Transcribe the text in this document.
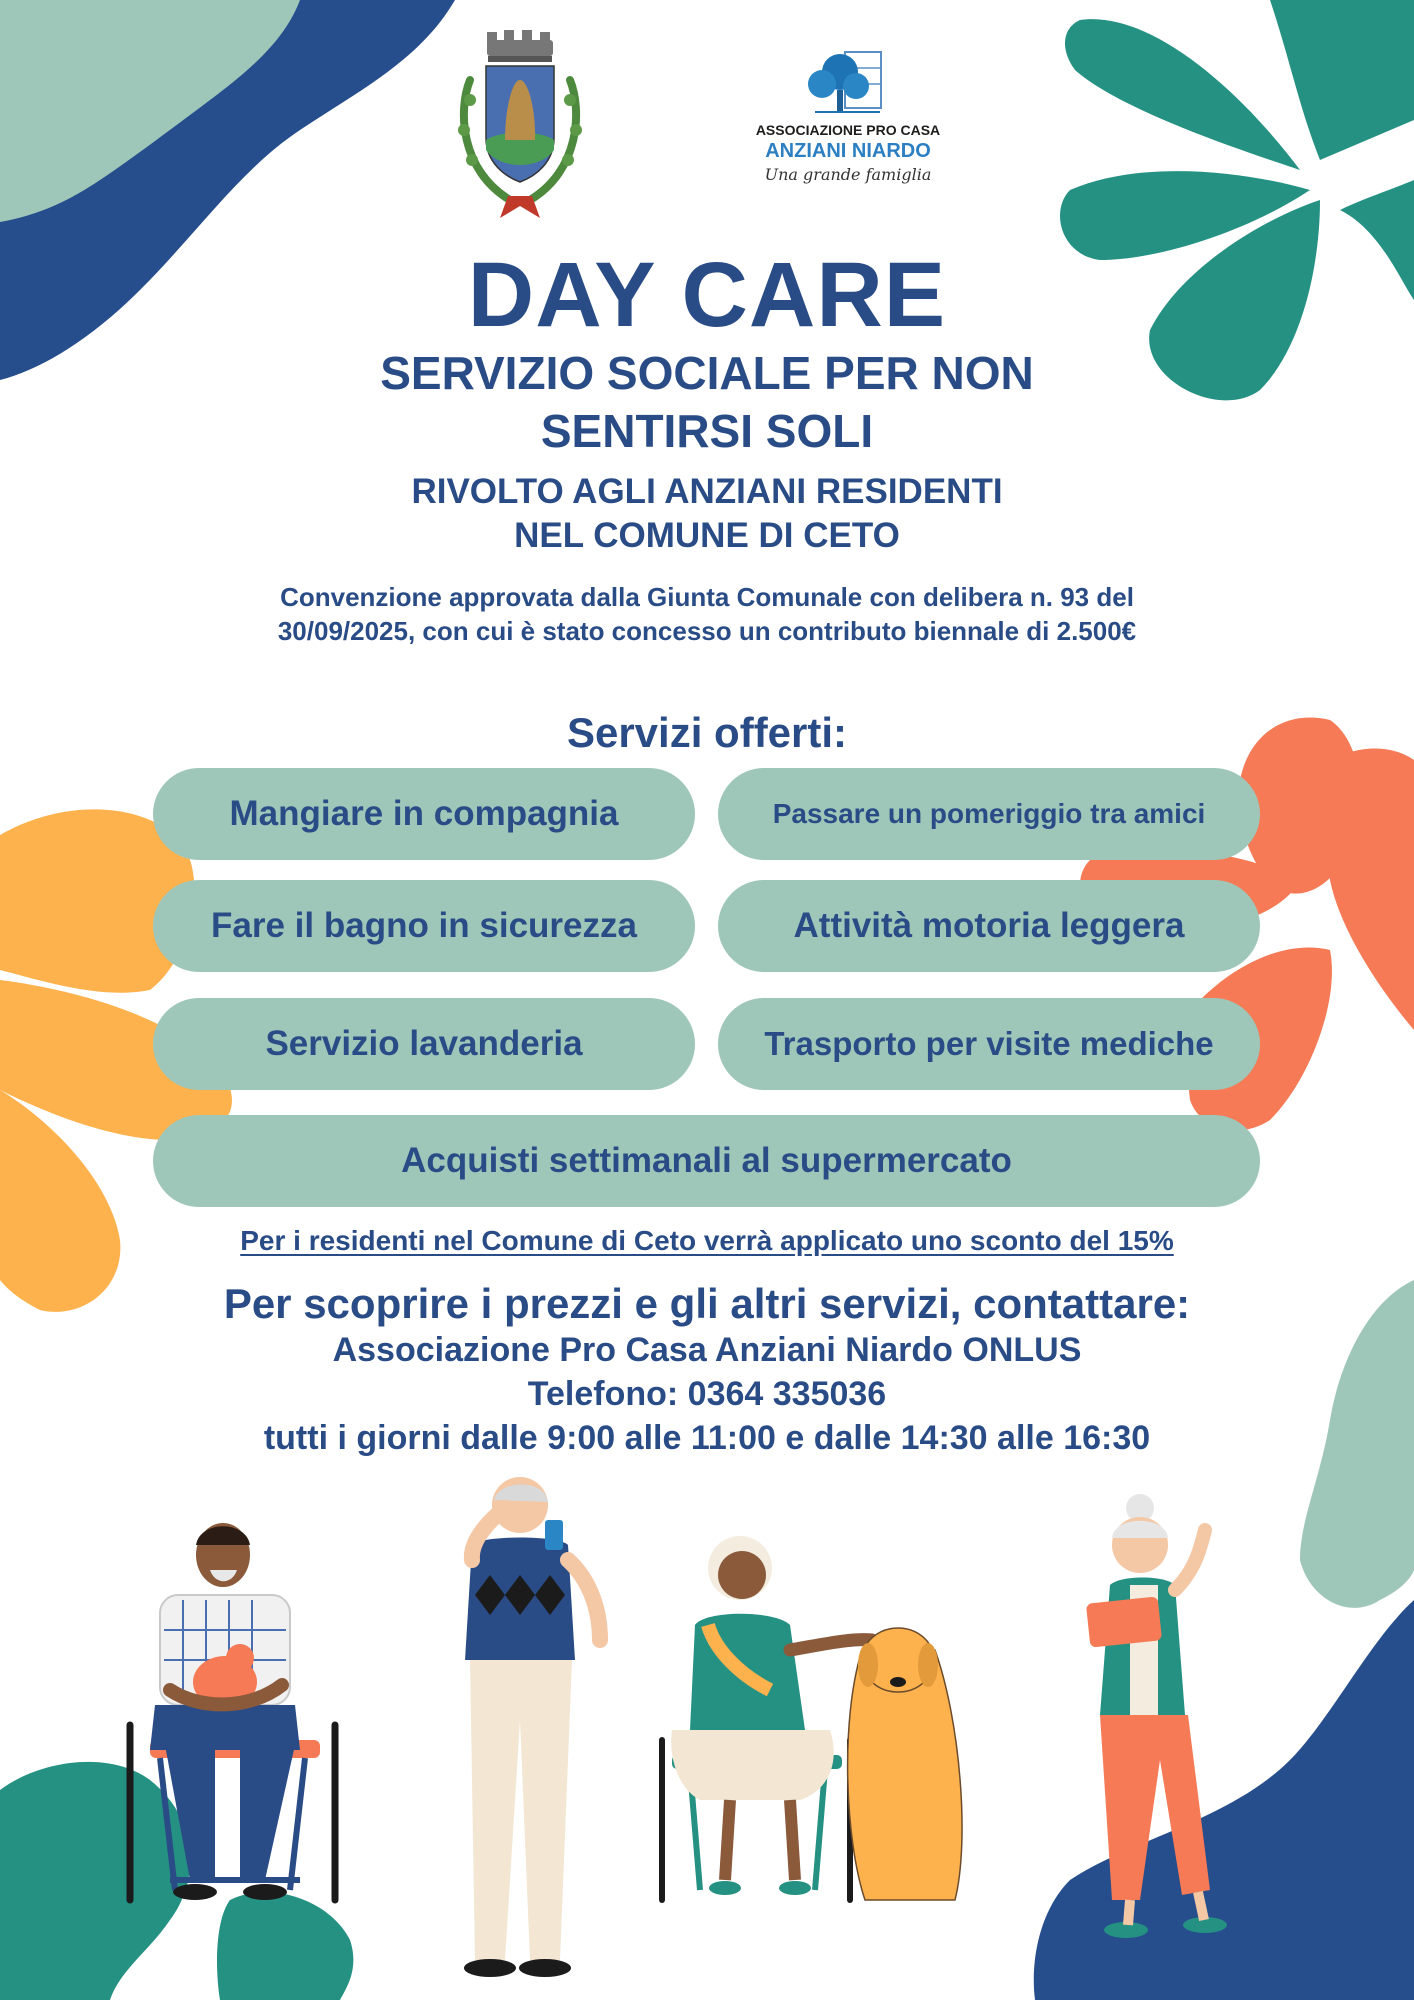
ASSOCIAZIONE PRO CASA
ANZIANI NIARDO
Una grande famiglia
DAY CARE
SERVIZIO SOCIALE PER NON
SENTIRSI SOLI
RIVOLTO AGLI ANZIANI RESIDENTI
NEL COMUNE DI CETO

Convenzione approvata dalla Giunta Comunale con delibera n. 93 del 30/09/2025, con cui è stato concesso un contributo biennale di 2.500€

Servizi offerti:
Mangiare in compagnia	Passare un pomeriggio tra amici
Fare il bagno in sicurezza	Attività motoria leggera
Servizio lavanderia	Trasporto per visite mediche
Acquisti settimanali al supermercato
Per i residenti nel Comune di Ceto verrà applicato uno sconto del 15%
Per scoprire i prezzi e gli altri servizi, contattare:
Associazione Pro Casa Anziani Niardo ONLUS
Telefono: 0364 335036
tutti i giorni dalle 9:00 alle 11:00 e dalle 14:30 alle 16:30
